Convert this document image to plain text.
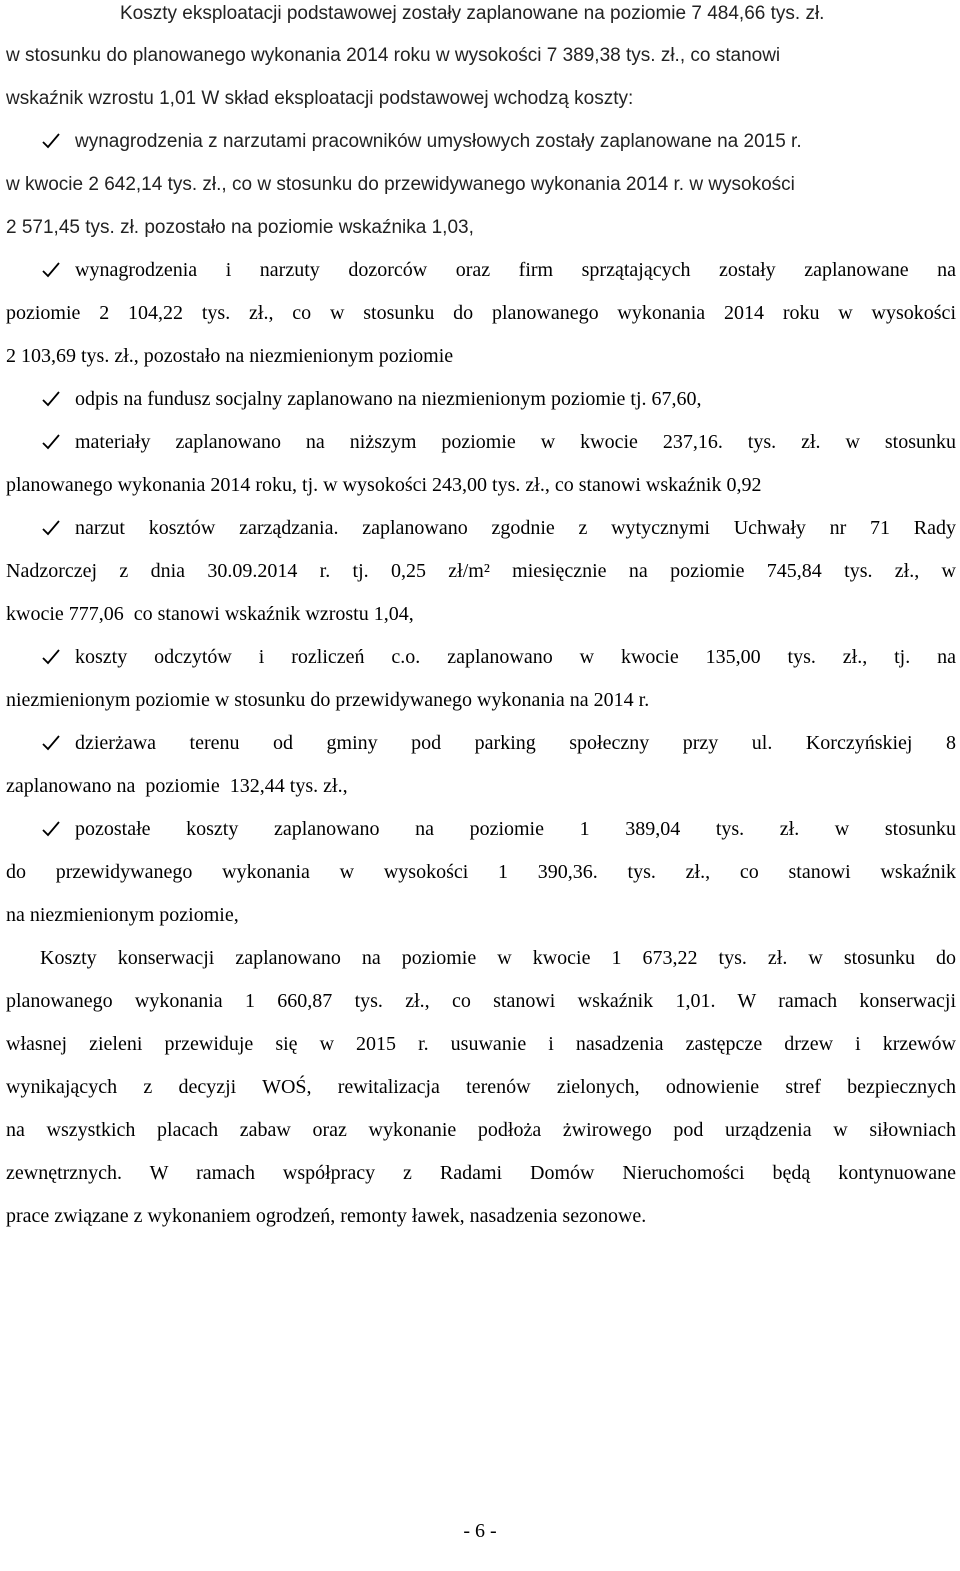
Koszty eksploatacji podstawowej zostały zaplanowane na poziomie 7 484,66 tys. zł.
w stosunku do planowanego wykonania 2014 roku w wysokości 7 389,38 tys. zł., co stanowi
wskaźnik wzrostu 1,01 W skład eksploatacji podstawowej wchodzą koszty:
wynagrodzenia z narzutami pracowników umysłowych zostały zaplanowane na 2015 r.
w kwocie 2 642,14 tys. zł., co w stosunku do przewidywanego wykonania 2014 r. w wysokości
2 571,45 tys. zł. pozostało na poziomie wskaźnika 1,03,
wynagrodzenia i narzuty dozorców oraz firm sprzątających zostały zaplanowane na
poziomie 2 104,22 tys. zł., co w stosunku do planowanego wykonania 2014 roku w wysokości
2 103,69 tys. zł., pozostało na niezmienionym poziomie
odpis na fundusz socjalny zaplanowano na niezmienionym poziomie tj. 67,60,
materiały zaplanowano na niższym poziomie w kwocie 237,16. tys. zł. w stosunku
planowanego wykonania 2014 roku, tj. w wysokości 243,00 tys. zł., co stanowi wskaźnik 0,92
narzut kosztów zarządzania. zaplanowano zgodnie z wytycznymi Uchwały nr 71 Rady
Nadzorczej z dnia 30.09.2014 r. tj. 0,25 zł/m² miesięcznie na poziomie 745,84 tys. zł., w
kwocie 777,06  co stanowi wskaźnik wzrostu 1,04,
koszty odczytów i rozliczeń c.o. zaplanowano w kwocie 135,00 tys. zł., tj. na
niezmienionym poziomie w stosunku do przewidywanego wykonania na 2014 r.
dzierżawa terenu od gminy pod parking społeczny przy ul. Korczyńskiej 8
zaplanowano na  poziomie  132,44 tys. zł.,
pozostałe koszty zaplanowano na poziomie 1 389,04 tys. zł. w stosunku
do przewidywanego wykonania w wysokości 1 390,36. tys. zł., co stanowi wskaźnik
na niezmienionym poziomie,
Koszty konserwacji zaplanowano na poziomie w kwocie 1 673,22 tys. zł. w stosunku do
planowanego wykonania 1 660,87 tys. zł., co stanowi wskaźnik 1,01. W ramach konserwacji
własnej zieleni przewiduje się w 2015 r. usuwanie i nasadzenia zastępcze drzew i krzewów
wynikających z decyzji WOŚ, rewitalizacja terenów zielonych, odnowienie stref bezpiecznych
na wszystkich placach zabaw oraz wykonanie podłoża żwirowego pod urządzenia w siłowniach
zewnętrznych. W ramach współpracy z Radami Domów Nieruchomości będą kontynuowane
prace związane z wykonaniem ogrodzeń, remonty ławek, nasadzenia sezonowe.
- 6 -
